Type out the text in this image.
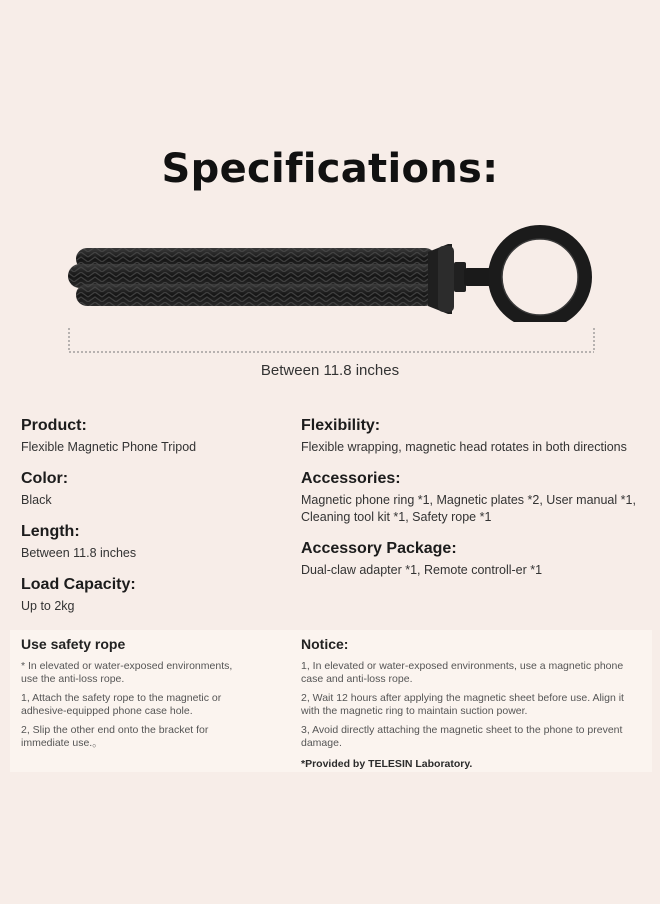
Specifications:
Between 11.8 inches
Product:
Flexible Magnetic Phone Tripod
Color:
Black
Length:
Between 11.8 inches
Load Capacity:
Up to 2kg
Flexibility:
Flexible wrapping, magnetic head rotates in both directions
Accessories:
Magnetic phone ring *1, Magnetic plates *2, User manual *1,
Cleaning tool kit *1, Safety rope *1
Accessory Package:
Dual-claw adapter *1, Remote controll-er *1
Use safety rope

* In elevated or water-exposed environments,
use the anti-loss rope.

1, Attach the safety rope to the magnetic or
adhesive-equipped phone case hole.

2, Slip the other end onto the bracket for
immediate use.。

Notice:

1, In elevated or water-exposed environments, use a magnetic phone
case and anti-loss rope.

2, Wait 12 hours after applying the magnetic sheet before use. Align it
with the magnetic ring to maintain suction power.

3, Avoid directly attaching the magnetic sheet to the phone to prevent
damage.

*Provided by TELESIN Laboratory.
